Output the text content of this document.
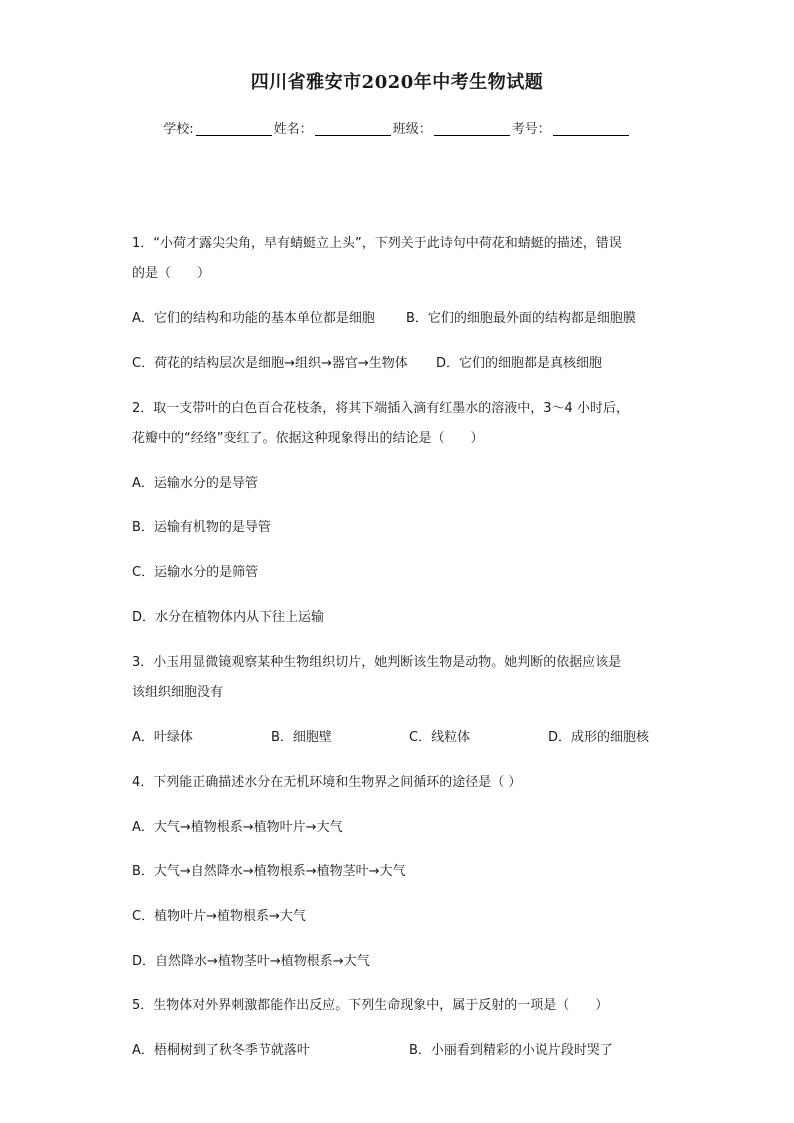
四川省雅安市2020年中考生物试题
学校:	姓名：	班级：	考号：
1．“小荷才露尖尖角，早有蜻蜓立上头”，下列关于此诗句中荷花和蜻蜓的描述，错误
的是（　　）
A．它们的结构和功能的基本单位都是细胞 B．它们的细胞最外面的结构都是细胞膜
C．荷花的结构层次是细胞→组织→器官→生物体 D．它们的细胞都是真核细胞
2．取一支带叶的白色百合花枝条，将其下端插入滴有红墨水的溶液中，3～4 小时后，
花瓣中的“经络”变红了。依据这种现象得出的结论是（　　）
A．运输水分的是导管
B．运输有机物的是导管
C．运输水分的是筛管
D．水分在植物体内从下往上运输
3．小玉用显微镜观察某种生物组织切片，她判断该生物是动物。她判断的依据应该是
该组织细胞没有
A．叶绿体	B．细胞壁	C．线粒体	D．成形的细胞核
4．下列能正确描述水分在无机环境和生物界之间循环的途径是（ ）
A．大气→植物根系→植物叶片→大气
B．大气→自然降水→植物根系→植物茎叶→大气
C．植物叶片→植物根系→大气
D．自然降水→植物茎叶→植物根系→大气
5．生物体对外界刺激都能作出反应。下列生命现象中，属于反射的一项是（　　）
A．梧桐树到了秋冬季节就落叶	B．小丽看到精彩的小说片段时哭了
